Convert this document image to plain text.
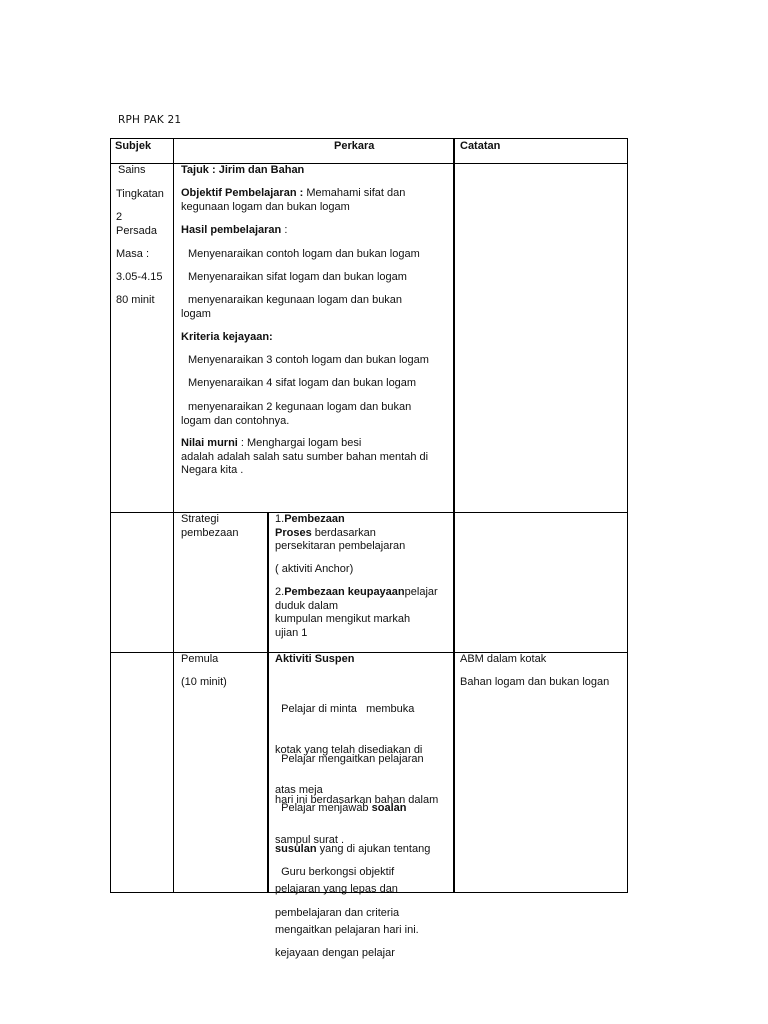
RPH PAK 21
Subjek	Perkara	Catatan
Sains
Tingkatan
2
Persada
Masa :
3.05-4.15
80 minit
Tajuk : Jirim dan Bahan

Objektif Pembelajaran : Memahami sifat dan

kegunaan logam dan bukan logam

Hasil pembelajaran :
Menyenaraikan contoh logam dan bukan logam
Menyenaraikan sifat logam dan bukan logam

menyenaraikan kegunaan logam dan bukan

logam

Kriteria kejayaan:
Menyenaraikan 3 contoh logam dan bukan logam
Menyenaraikan 4 sifat logam dan bukan logam

menyenaraikan 2 kegunaan logam dan bukan

logam dan contohnya.

Nilai murni : Menghargai logam besi

adalah adalah salah satu sumber bahan mentah di

Negara kita .

Strategi

pembezaan

1.Pembezaan

Proses berdasarkan

persekitaran pembelajaran

( aktiviti Anchor)

2.Pembezaan keupayaanpelajar

duduk dalam

kumpulan mengikut markah

ujian 1

Pemula
(10 minit)
Aktiviti Suspen

Pelajar di minta   membuka

kotak yang telah disediakan di

atas meja

Pelajar mengaitkan pelajaran

hari ini berdasarkan bahan dalam

sampul surat .

Pelajar menjawab soalan

susulan yang di ajukan tentang

pelajaran yang lepas dan

mengaitkan pelajaran hari ini.

Guru berkongsi objektif

pembelajaran dan criteria

kejayaan dengan pelajar

ABM dalam kotak
Bahan logam dan bukan logan
